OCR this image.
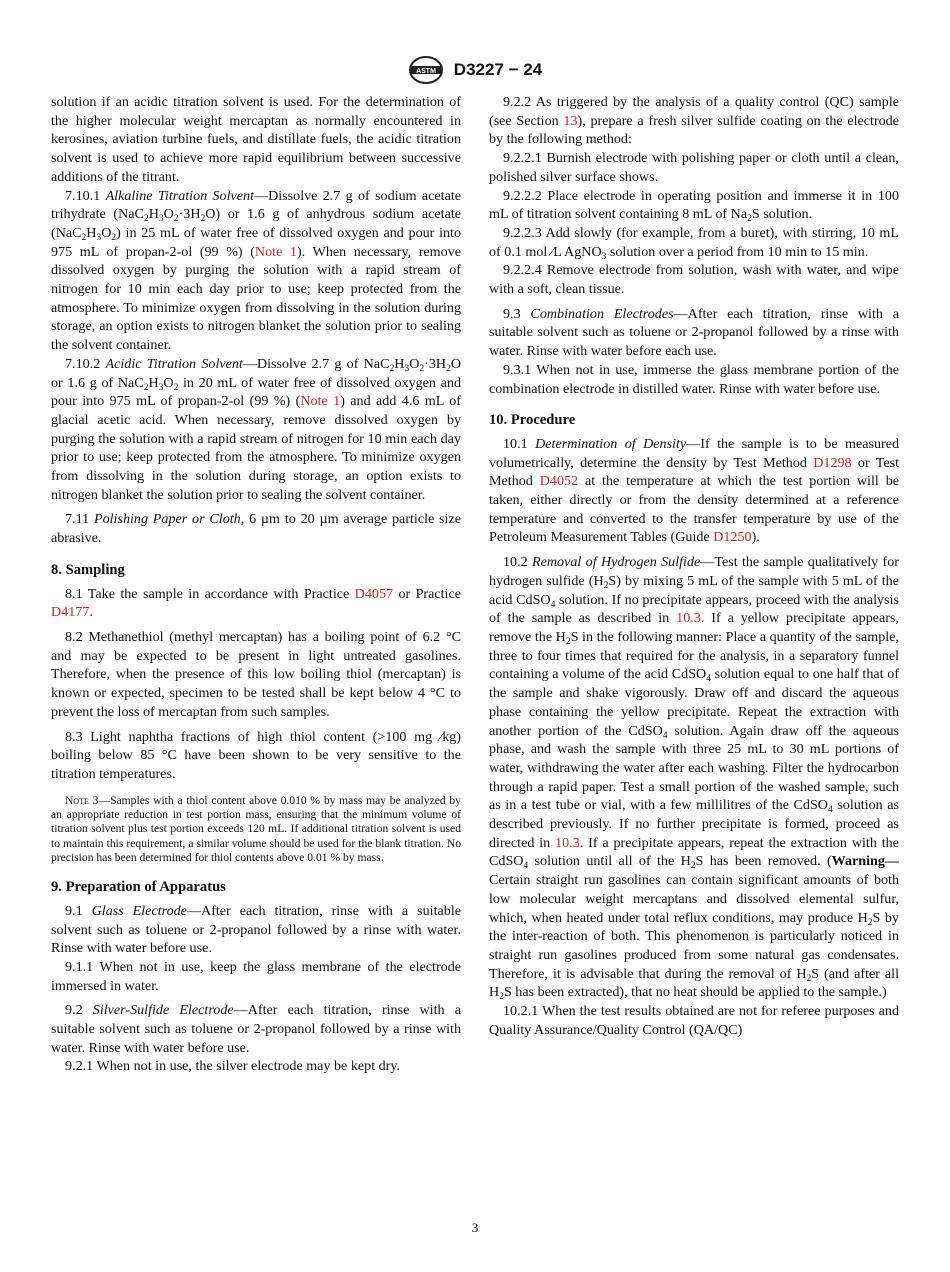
ASTM D3227 − 24

solution if an acidic titration solvent is used. For the determination of the higher molecular weight mercaptan as normally encountered in kerosines, aviation turbine fuels, and distillate fuels, the acidic titration solvent is used to achieve more rapid equilibrium between successive additions of the titrant.

7.10.1 Alkaline Titration Solvent—Dissolve 2.7 g of sodium acetate trihydrate $(NaC_2H_3O_2\cdot 3H_2O)$ or 1.6 g of anhydrous sodium acetate $(NaC_2H_3O_2)$ in 25 mL of water free of dissolved oxygen and pour into 975 mL of propan-2-ol (99 %) (Note 1). When necessary, remove dissolved oxygen by purging the solution with a rapid stream of nitrogen for 10 min each day prior to use; keep protected from the atmosphere. To minimize oxygen from dissolving in the solution during storage, an option exists to nitrogen blanket the solution prior to sealing the solvent container.

7.10.2 Acidic Titration Solvent—Dissolve 2.7 g of $NaC_2H_3O_2\cdot 3H_2O$ or 1.6 g of $NaC_2H_3O_2$ in 20 mL of water free of dissolved oxygen and pour into 975 mL of propan-2-ol (99 %) (Note 1) and add 4.6 mL of glacial acetic acid. When necessary, remove dissolved oxygen by purging the solution with a rapid stream of nitrogen for 10 min each day prior to use; keep protected from the atmosphere. To minimize oxygen from dissolving in the solution during storage, an option exists to nitrogen blanket the solution prior to sealing the solvent container.

7.11 Polishing Paper or Cloth, 6 µm to 20 µm average particle size abrasive.

8. Sampling

8.1 Take the sample in accordance with Practice D4057 or Practice D4177.

8.2 Methanethiol (methyl mercaptan) has a boiling point of 6.2 °C and may be expected to be present in light untreated gasolines. Therefore, when the presence of this low boiling thiol (mercaptan) is known or expected, specimen to be tested shall be kept below 4 °C to prevent the loss of mercaptan from such samples.

8.3 Light naphtha fractions of high thiol content (>100 mg ⁄kg) boiling below 85 °C have been shown to be very sensitive to the titration temperatures.

Note 3—Samples with a thiol content above 0.010 % by mass may be analyzed by an appropriate reduction in test portion mass, ensuring that the minimum volume of titration solvent plus test portion exceeds 120 mL. If additional titration solvent is used to maintain this requirement, a similar volume should be used for the blank titration. No precision has been determined for thiol contents above 0.01 % by mass.

9. Preparation of Apparatus

9.1 Glass Electrode—After each titration, rinse with a suitable solvent such as toluene or 2-propanol followed by a rinse with water. Rinse with water before use.

9.1.1 When not in use, keep the glass membrane of the electrode immersed in water.

9.2 Silver-Sulfide Electrode—After each titration, rinse with a suitable solvent such as toluene or 2-propanol followed by a rinse with water. Rinse with water before use.

9.2.1 When not in use, the silver electrode may be kept dry.

9.2.2 As triggered by the analysis of a quality control (QC) sample (see Section 13), prepare a fresh silver sulfide coating on the electrode by the following method:

9.2.2.1 Burnish electrode with polishing paper or cloth until a clean, polished silver surface shows.

9.2.2.2 Place electrode in operating position and immerse it in 100 mL of titration solvent containing 8 mL of $Na_2S$ solution.

9.2.2.3 Add slowly (for example, from a buret), with stirring, 10 mL of 0.1 mol ⁄L AgNO$_3$ solution over a period from 10 min to 15 min.

9.2.2.4 Remove electrode from solution, wash with water, and wipe with a soft, clean tissue.

9.3 Combination Electrodes—After each titration, rinse with a suitable solvent such as toluene or 2-propanol followed by a rinse with water. Rinse with water before each use.

9.3.1 When not in use, immerse the glass membrane portion of the combination electrode in distilled water. Rinse with water before use.

10. Procedure

10.1 Determination of Density—If the sample is to be measured volumetrically, determine the density by Test Method D1298 or Test Method D4052 at the temperature at which the test portion will be taken, either directly or from the density determined at a reference temperature and converted to the transfer temperature by use of the Petroleum Measurement Tables (Guide D1250).

10.2 Removal of Hydrogen Sulfide—Test the sample qualitatively for hydrogen sulfide $(H_2S)$ by mixing 5 mL of the sample with 5 mL of the acid CdSO$_4$ solution. If no precipitate appears, proceed with the analysis of the sample as described in 10.3. If a yellow precipitate appears, remove the $H_2S$ in the following manner: Place a quantity of the sample, three to four times that required for the analysis, in a separatory funnel containing a volume of the acid CdSO$_4$ solution equal to one half that of the sample and shake vigorously. Draw off and discard the aqueous phase containing the yellow precipitate. Repeat the extraction with another portion of the CdSO$_4$ solution. Again draw off the aqueous phase, and wash the sample with three 25 mL to 30 mL portions of water, withdrawing the water after each washing. Filter the hydrocarbon through a rapid paper. Test a small portion of the washed sample, such as in a test tube or vial, with a few millilitres of the CdSO$_4$ solution as described previously. If no further precipitate is formed, proceed as directed in 10.3. If a precipitate appears, repeat the extraction with the CdSO$_4$ solution until all of the $H_2S$ has been removed. (Warning—Certain straight run gasolines can contain significant amounts of both low molecular weight mercaptans and dissolved elemental sulfur, which, when heated under total reflux conditions, may produce $H_2S$ by the inter-reaction of both. This phenomenon is particularly noticed in straight run gasolines produced from some natural gas condensates. Therefore, it is advisable that during the removal of $H_2S$ (and after all $H_2S$ has been extracted), that no heat should be applied to the sample.)

10.2.1 When the test results obtained are not for referee purposes and Quality Assurance/Quality Control (QA/QC)

3
